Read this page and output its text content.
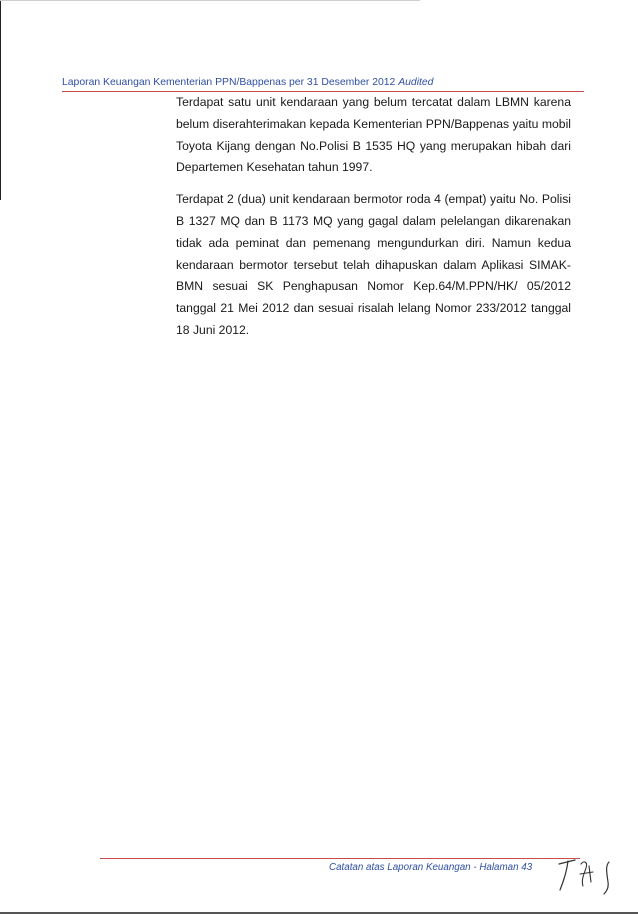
Laporan Keuangan Kementerian PPN/Bappenas per 31 Desember 2012 Audited

Terdapat satu unit kendaraan yang belum tercatat dalam LBMN karena belum diserahterimakan kepada Kementerian PPN/Bappenas yaitu mobil Toyota Kijang dengan No.Polisi B 1535 HQ yang merupakan hibah dari Departemen Kesehatan tahun 1997.

Terdapat 2 (dua) unit kendaraan bermotor roda 4 (empat) yaitu No. Polisi B 1327 MQ dan B 1173 MQ yang gagal dalam pelelangan dikarenakan tidak ada peminat dan pemenang mengundurkan diri. Namun kedua kendaraan bermotor tersebut telah dihapuskan dalam Aplikasi SIMAK-BMN sesuai SK Penghapusan Nomor Kep.64/M.PPN/HK/ 05/2012 tanggal 21 Mei 2012 dan sesuai risalah lelang Nomor 233/2012 tanggal 18 Juni 2012.

Catatan atas Laporan Keuangan - Halaman 43
